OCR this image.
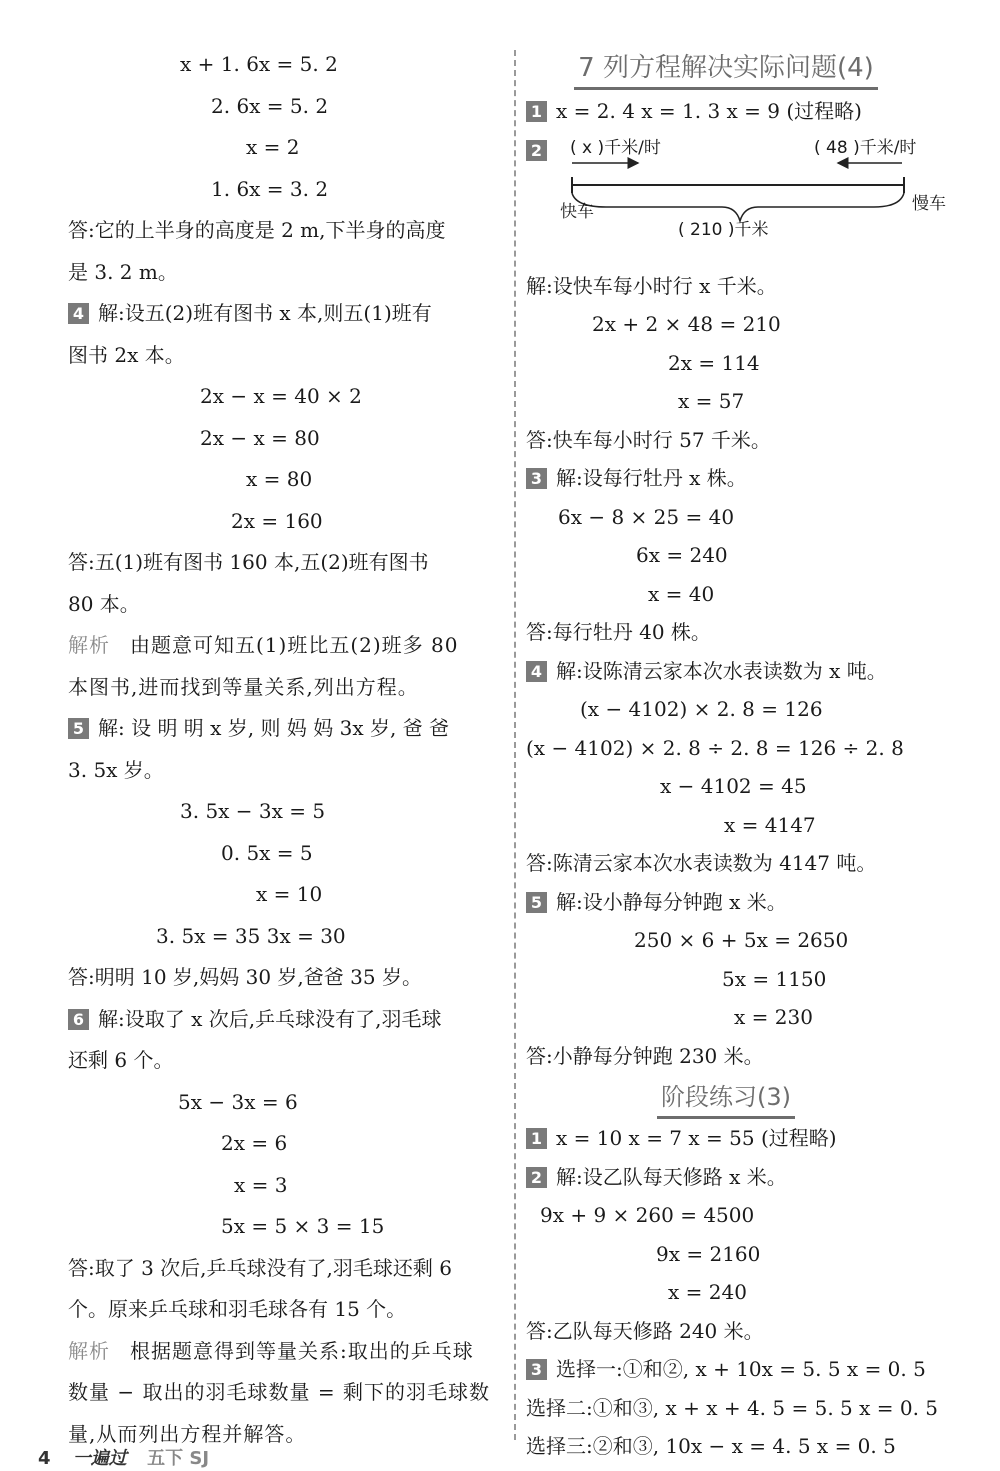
x + 1. 6x = 5. 2
2. 6x = 5. 2
x = 2
1. 6x = 3. 2
答:它的上半身的高度是 2 m,下半身的高度
是 3. 2 m。
4 解:设五(2)班有图书 x 本,则五(1)班有
图书 2x 本。
2x − x = 40 × 2
2x − x = 80
x = 80
2x = 160
答:五(1)班有图书 160 本,五(2)班有图书
80 本。
解析 由题意可知五(1)班比五(2)班多 80
本图书,进而找到等量关系,列出方程。
5 解: 设 明 明 x 岁, 则 妈 妈 3x 岁, 爸 爸
3. 5x 岁。
3. 5x − 3x = 5
0. 5x = 5
x = 10
3. 5x = 35 3x = 30
答:明明 10 岁,妈妈 30 岁,爸爸 35 岁。
6 解:设取了 x 次后,乒乓球没有了,羽毛球
还剩 6 个。
5x − 3x = 6
2x = 6
x = 3
5x = 5 × 3 = 15
答:取了 3 次后,乒乓球没有了,羽毛球还剩 6
个。原来乒乓球和羽毛球各有 15 个。
解析 根据题意得到等量关系:取出的乒乓球
数量 − 取出的羽毛球数量 = 剩下的羽毛球数
量,从而列出方程并解答。
7 列方程解决实际问题(4)
1 x = 2. 4 x = 1. 3 x = 9 (过程略)
2	( x )千米/时	( 48 )千米/时
快车	慢车
( 210 )千米
解:设快车每小时行 x 千米。
2x + 2 × 48 = 210
2x = 114
x = 57
答:快车每小时行 57 千米。
3 解:设每行牡丹 x 株。
6x − 8 × 25 = 40
6x = 240
x = 40
答:每行牡丹 40 株。
4 解:设陈清云家本次水表读数为 x 吨。
(x − 4102) × 2. 8 = 126
(x − 4102) × 2. 8 ÷ 2. 8 = 126 ÷ 2. 8
x − 4102 = 45
x = 4147
答:陈清云家本次水表读数为 4147 吨。
5 解:设小静每分钟跑 x 米。
250 × 6 + 5x = 2650
5x = 1150
x = 230
答:小静每分钟跑 230 米。
阶段练习(3)
1 x = 10 x = 7 x = 55 (过程略)
2 解:设乙队每天修路 x 米。
9x + 9 × 260 = 4500
9x = 2160
x = 240
答:乙队每天修路 240 米。
3 选择一:①和②, x + 10x = 5. 5 x = 0. 5
选择二:①和③, x + x + 4. 5 = 5. 5 x = 0. 5
选择三:②和③, 10x − x = 4. 5 x = 0. 5
4 一遍过 五下 SJ
